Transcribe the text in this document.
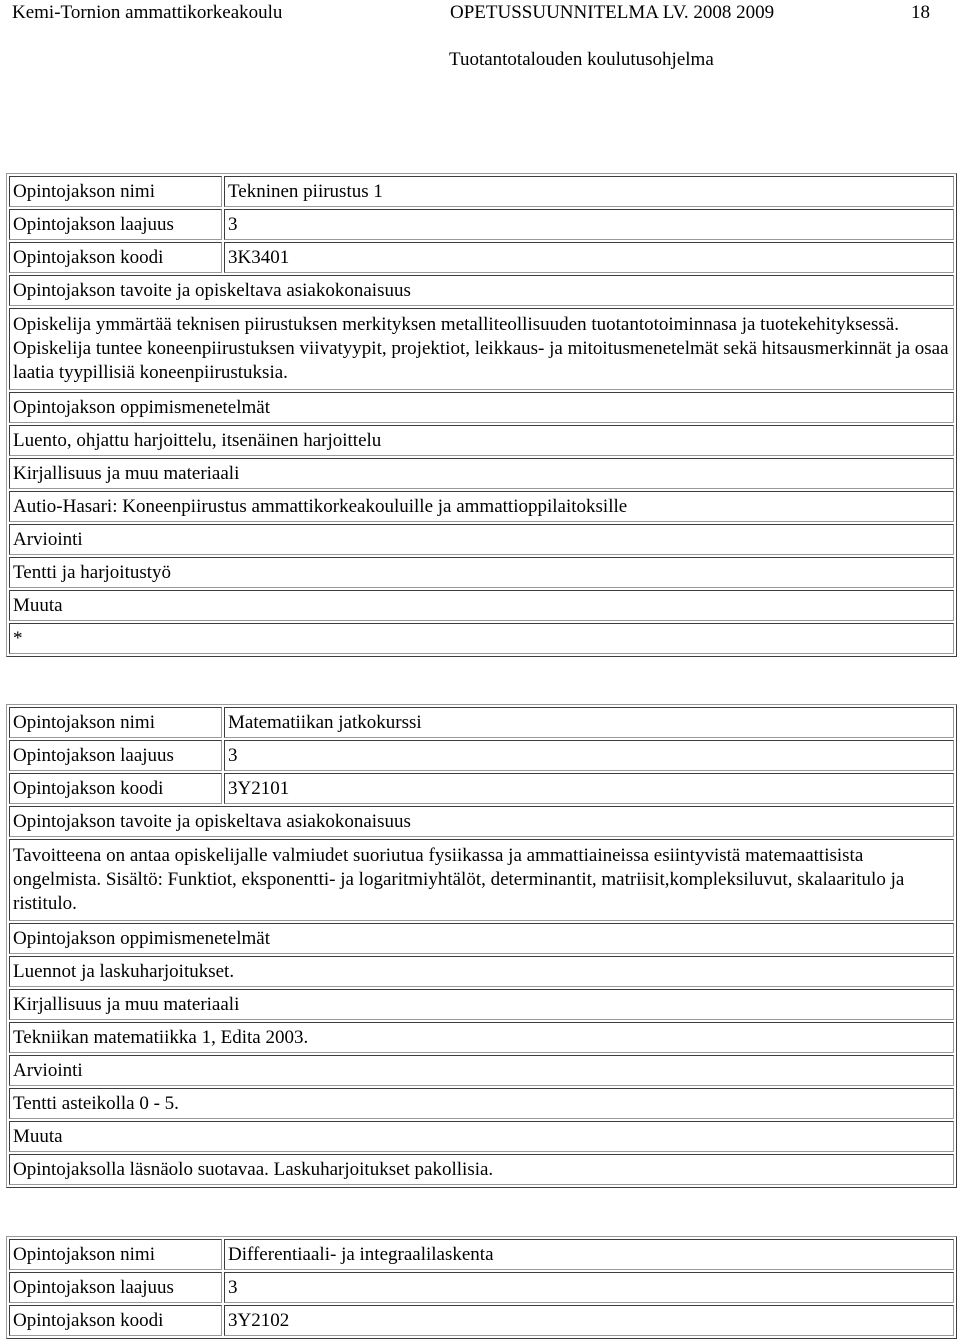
Kemi-Tornion ammattikorkeakoulu	OPETUSSUUNNITELMA LV. 2008 2009	18
Tuotantotalouden koulutusohjelma
Opintojakson nimi	Tekninen piirustus 1
Opintojakson laajuus	3
Opintojakson koodi	3K3401
Opintojakson tavoite ja opiskeltava asiakokonaisuus	
Opiskelija ymmärtää teknisen piirustuksen merkityksen metalliteollisuuden tuotantotoiminnasa ja tuotekehityksessä. Opiskelija tuntee koneenpiirustuksen viivatyypit, projektiot, leikkaus- ja mitoitusmenetelmät sekä hitsausmerkinnät ja osaa laatia tyypillisiä koneenpiirustuksia.	
Opintojakson oppimismenetelmät	
Luento, ohjattu harjoittelu, itsenäinen harjoittelu	
Kirjallisuus ja muu materiaali	
Autio-Hasari: Koneenpiirustus ammattikorkeakouluille ja ammattioppilaitoksille	
Arviointi	
Tentti ja harjoitustyö	
Muuta	
*	
Opintojakson nimi	Matematiikan jatkokurssi
Opintojakson laajuus	3
Opintojakson koodi	3Y2101
Opintojakson tavoite ja opiskeltava asiakokonaisuus	
Tavoitteena on antaa opiskelijalle valmiudet suoriutua fysiikassa ja ammattiaineissa esiintyvistä matemaattisista ongelmista. Sisältö: Funktiot, eksponentti- ja logaritmiyhtälöt, determinantit, matriisit,kompleksiluvut, skalaaritulo ja ristitulo.	
Opintojakson oppimismenetelmät	
Luennot ja laskuharjoitukset.	
Kirjallisuus ja muu materiaali	
Tekniikan matematiikka 1, Edita 2003.	
Arviointi	
Tentti asteikolla 0 - 5.	
Muuta	
Opintojaksolla läsnäolo suotavaa. Laskuharjoitukset pakollisia.	
Opintojakson nimi	Differentiaali- ja integraalilaskenta
Opintojakson laajuus	3
Opintojakson koodi	3Y2102
